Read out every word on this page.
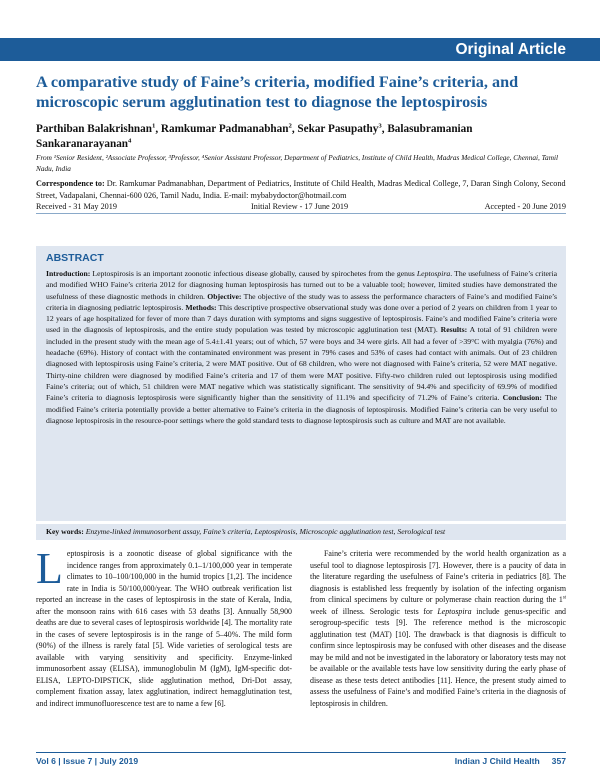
Original Article
A comparative study of Faine’s criteria, modified Faine’s criteria, and microscopic serum agglutination test to diagnose the leptospirosis

Parthiban Balakrishnan$^1$, Ramkumar Padmanabhan$^2$, Sekar Pasupathy$^3$, Balasubramanian Sankaranarayanan$^4$

From ¹Senior Resident, ²Associate Professor, ³Professor, ⁴Senior Assistant Professor, Department of Pediatrics, Institute of Child Health, Madras Medical College, Chennai, Tamil Nadu, India

Correspondence to: Dr. Ramkumar Padmanabhan, Department of Pediatrics, Institute of Child Health, Madras Medical College, 7, Daran Singh Colony, Second Street, Vadapalani, Chennai-600 026, Tamil Nadu, India. E-mail: mybabydoctor@hotmail.com

Received - 31 May 2019	Initial Review - 17 June 2019	Accepted - 20 June 2019
ABSTRACT

Introduction: Leptospirosis is an important zoonotic infectious disease globally, caused by spirochetes from the genus Leptospira. The usefulness of Faine’s criteria and modified WHO Faine’s criteria 2012 for diagnosing human leptospirosis has turned out to be a valuable tool; however, limited studies have demonstrated the usefulness of these diagnostic methods in children. Objective: The objective of the study was to assess the performance characters of Faine’s and modified Faine’s criteria in diagnosing pediatric leptospirosis. Methods: This descriptive prospective observational study was done over a period of 2 years on children from 1 year to 12 years of age hospitalized for fever of more than 7 days duration with symptoms and signs suggestive of leptospirosis. Faine’s and modified Faine’s criteria were used in the diagnosis of leptospirosis, and the entire study population was tested by microscopic agglutination test (MAT). Results: A total of 91 children were included in the present study with the mean age of 5.4±1.41 years; out of which, 57 were boys and 34 were girls. All had a fever of >39°C with myalgia (76%) and headache (69%). History of contact with the contaminated environment was present in 79% cases and 53% of cases had contact with animals. Out of 23 children diagnosed with leptospirosis using Faine’s criteria, 2 were MAT positive. Out of 68 children, who were not diagnosed with Faine’s criteria, 52 were MAT negative. Thirty-nine children were diagnosed by modified Faine’s criteria and 17 of them were MAT positive. Fifty-two children ruled out leptospirosis using modified Faine’s criteria; out of which, 51 children were MAT negative which was statistically significant. The sensitivity of 94.4% and specificity of 69.9% of modified Faine’s criteria to diagnosis leptospirosis were significantly higher than the sensitivity of 11.1% and specificity of 71.2% of Faine’s criteria. Conclusion: The modified Faine’s criteria potentially provide a better alternative to Faine’s criteria in the diagnosis of leptospirosis. Modified Faine’s criteria can be very useful to diagnose leptospirosis in the resource-poor settings where the gold standard tests to diagnose leptospirosis such as culture and MAT are not available.

Key words: Enzyme-linked immunosorbent assay, Faine’s criteria, Leptospirosis, Microscopic agglutination test, Serological test

Leptospirosis is a zoonotic disease of global significance with the incidence ranges from approximately 0.1–1/100,000 year in temperate climates to 10–100/100,000 in the humid tropics [1,2]. The incidence rate in India is 50/100,000/year. The WHO outbreak verification list reported an increase in the cases of leptospirosis in the state of Kerala, India, after the monsoon rains with 616 cases with 53 deaths [3]. Annually 58,900 deaths are due to several cases of leptospirosis worldwide [4]. The mortality rate in the cases of severe leptospirosis is in the range of 5–40%. The mild form (90%) of the illness is rarely fatal [5]. Wide varieties of serological tests are available with varying sensitivity and specificity. Enzyme-linked immunosorbent assay (ELISA), immunoglobulin M (IgM), IgM-specific dot-ELISA, LEPTO-DIPSTICK, slide agglutination method, Dri-Dot assay, complement fixation assay, latex agglutination, indirect hemagglutination test, and indirect immunofluorescence test are to name a few [6].

Faine’s criteria were recommended by the world health organization as a useful tool to diagnose leptospirosis [7]. However, there is a paucity of data in the literature regarding the usefulness of Faine’s criteria in pediatrics [8]. The diagnosis is established less frequently by isolation of the infecting organism from clinical specimens by culture or polymerase chain reaction during the 1st week of illness. Serologic tests for Leptospira include genus-specific and serogroup-specific tests [9]. The reference method is the microscopic agglutination test (MAT) [10]. The drawback is that diagnosis is difficult to confirm since leptospirosis may be confused with other diseases and the disease may be mild and not be investigated in the laboratory or laboratory tests may not be available or the available tests have low sensitivity during the early phase of disease as these tests detect antibodies [11]. Hence, the present study aimed to assess the usefulness of Faine’s and modified Faine’s criteria in the diagnosis of leptospirosis in children.

Vol 6 | Issue 7 | July 2019	Indian J Child Health     357
